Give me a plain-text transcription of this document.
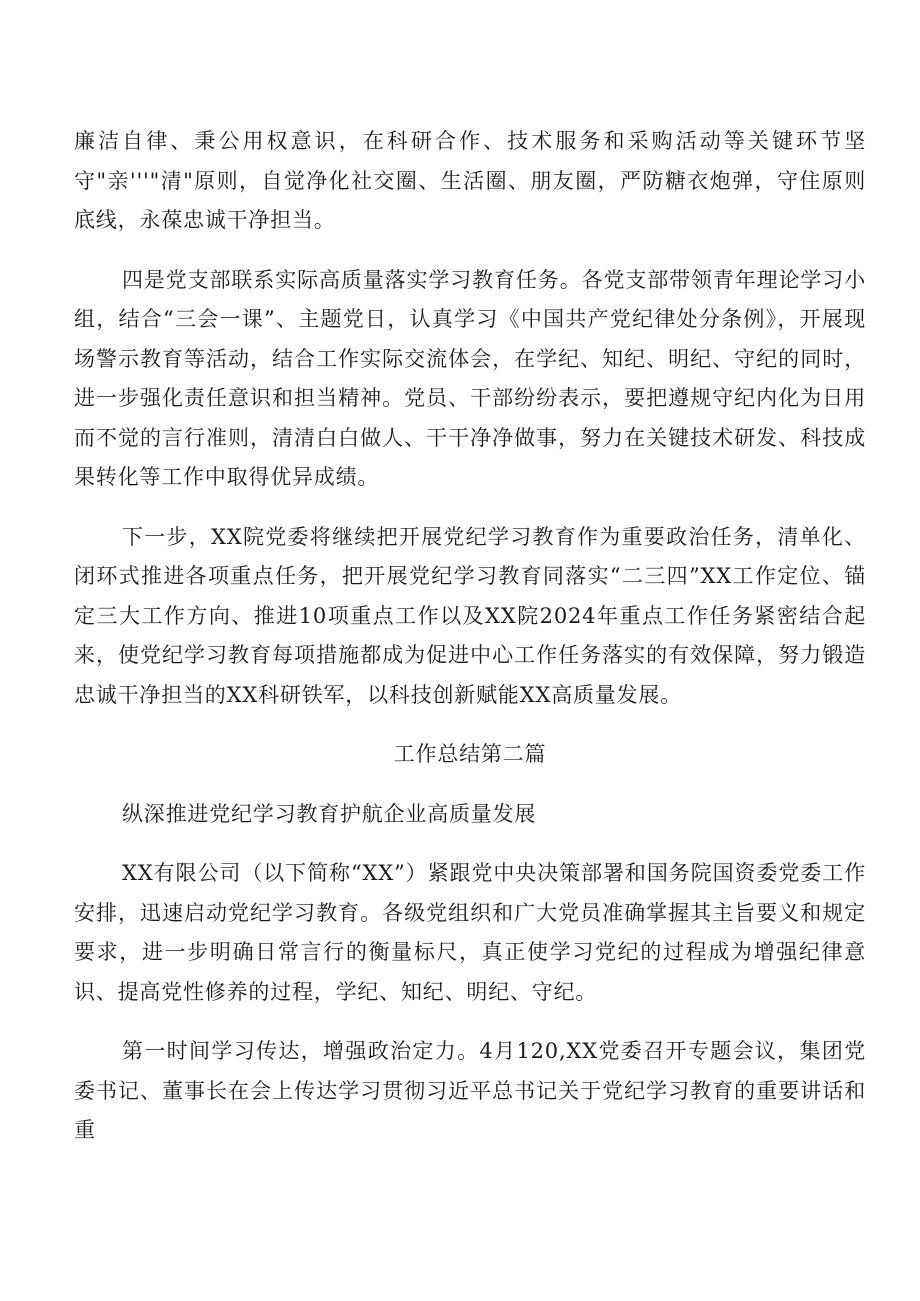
廉洁自律、秉公用权意识，在科研合作、技术服务和采购活动等关键环节坚守"亲'''"清"原则，自觉净化社交圈、生活圈、朋友圈，严防糖衣炮弹，守住原则底线，永葆忠诚干净担当。

四是党支部联系实际高质量落实学习教育任务。各党支部带领青年理论学习小组，结合“三会一课”、主题党日，认真学习《中国共产党纪律处分条例》，开展现场警示教育等活动，结合工作实际交流体会，在学纪、知纪、明纪、守纪的同时，进一步强化责任意识和担当精神。党员、干部纷纷表示，要把遵规守纪内化为日用而不觉的言行准则，清清白白做人、干干净净做事，努力在关键技术研发、科技成果转化等工作中取得优异成绩。

下一步，XX院党委将继续把开展党纪学习教育作为重要政治任务，清单化、闭环式推进各项重点任务，把开展党纪学习教育同落实“二三四”XX工作定位、锚定三大工作方向、推进10项重点工作以及XX院2024年重点工作任务紧密结合起来，使党纪学习教育每项措施都成为促进中心工作任务落实的有效保障，努力锻造忠诚干净担当的XX科研铁军，以科技创新赋能XX高质量发展。

工作总结第二篇

纵深推进党纪学习教育护航企业高质量发展

XX有限公司（以下简称“XX”）紧跟党中央决策部署和国务院国资委党委工作安排，迅速启动党纪学习教育。各级党组织和广大党员准确掌握其主旨要义和规定要求，进一步明确日常言行的衡量标尺，真正使学习党纪的过程成为增强纪律意识、提高党性修养的过程，学纪、知纪、明纪、守纪。

第一时间学习传达，增强政治定力。4月120,XX党委召开专题会议，集团党委书记、董事长在会上传达学习贯彻习近平总书记关于党纪学习教育的重要讲话和重
